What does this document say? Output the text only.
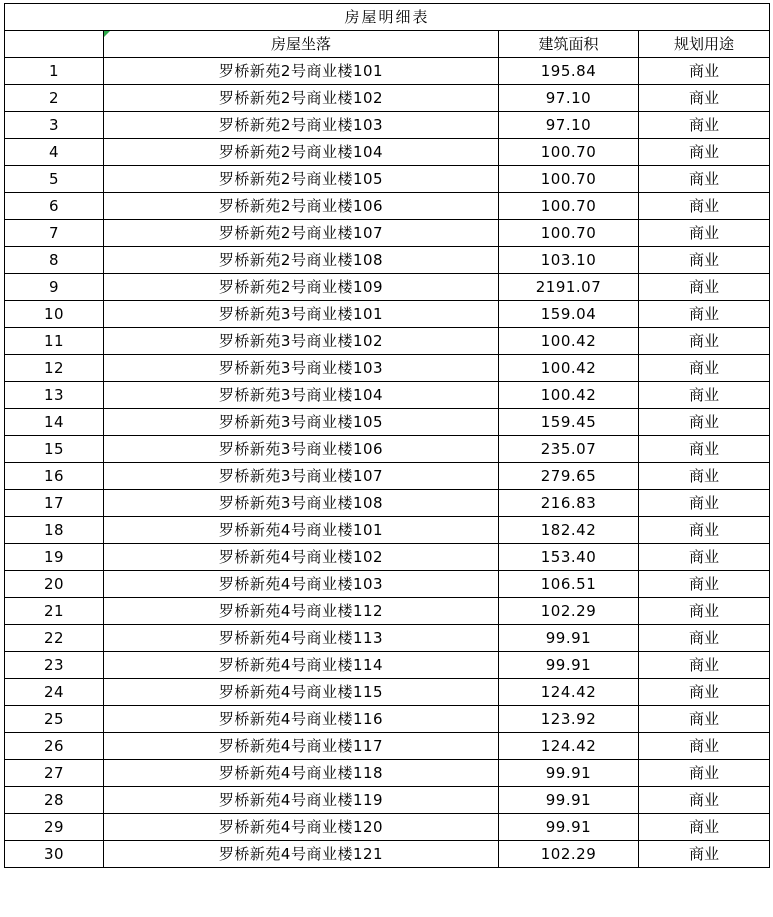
房屋明细表			
	房屋坐落	建筑面积	规划用途
1	罗桥新苑2号商业楼101	195.84	商业
2	罗桥新苑2号商业楼102	97.10	商业
3	罗桥新苑2号商业楼103	97.10	商业
4	罗桥新苑2号商业楼104	100.70	商业
5	罗桥新苑2号商业楼105	100.70	商业
6	罗桥新苑2号商业楼106	100.70	商业
7	罗桥新苑2号商业楼107	100.70	商业
8	罗桥新苑2号商业楼108	103.10	商业
9	罗桥新苑2号商业楼109	2191.07	商业
10	罗桥新苑3号商业楼101	159.04	商业
11	罗桥新苑3号商业楼102	100.42	商业
12	罗桥新苑3号商业楼103	100.42	商业
13	罗桥新苑3号商业楼104	100.42	商业
14	罗桥新苑3号商业楼105	159.45	商业
15	罗桥新苑3号商业楼106	235.07	商业
16	罗桥新苑3号商业楼107	279.65	商业
17	罗桥新苑3号商业楼108	216.83	商业
18	罗桥新苑4号商业楼101	182.42	商业
19	罗桥新苑4号商业楼102	153.40	商业
20	罗桥新苑4号商业楼103	106.51	商业
21	罗桥新苑4号商业楼112	102.29	商业
22	罗桥新苑4号商业楼113	99.91	商业
23	罗桥新苑4号商业楼114	99.91	商业
24	罗桥新苑4号商业楼115	124.42	商业
25	罗桥新苑4号商业楼116	123.92	商业
26	罗桥新苑4号商业楼117	124.42	商业
27	罗桥新苑4号商业楼118	99.91	商业
28	罗桥新苑4号商业楼119	99.91	商业
29	罗桥新苑4号商业楼120	99.91	商业
30	罗桥新苑4号商业楼121	102.29	商业
